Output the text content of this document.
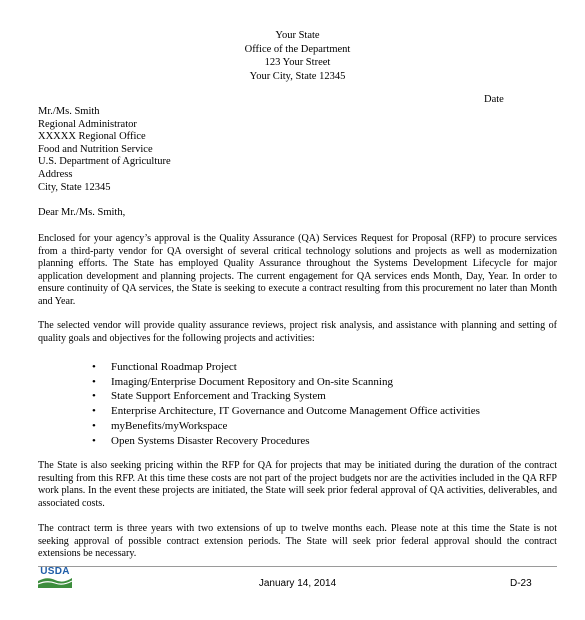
Your State
Office of the Department
123 Your Street
Your City, State 12345
Date
Mr./Ms. Smith
Regional Administrator
XXXXX Regional Office
Food and Nutrition Service
U.S. Department of Agriculture
Address
City, State 12345
Dear Mr./Ms. Smith,

Enclosed for your agency’s approval is the Quality Assurance (QA) Services Request for Proposal (RFP) to procure services from a third-party vendor for QA oversight of several critical technology solutions and projects as well as modernization planning efforts. The State has employed Quality Assurance throughout the Systems Development Lifecycle for major application development and planning projects. The current engagement for QA services ends Month, Day, Year. In order to ensure continuity of QA services, the State is seeking to execute a contract resulting from this procurement no later than Month and Year.

The selected vendor will provide quality assurance reviews, project risk analysis, and assistance with planning and setting of quality goals and objectives for the following projects and activities:

• Functional Roadmap Project
• Imaging/Enterprise Document Repository and On-site Scanning
• State Support Enforcement and Tracking System
• Enterprise Architecture, IT Governance and Outcome Management Office activities
• myBenefits/myWorkspace
• Open Systems Disaster Recovery Procedures

The State is also seeking pricing within the RFP for QA for projects that may be initiated during the duration of the contract resulting from this RFP. At this time these costs are not part of the project budgets nor are the activities included in the QA RFP work plans. In the event these projects are initiated, the State will seek prior federal approval of QA activities, deliverables, and associated costs.

The contract term is three years with two extensions of up to twelve months each. Please note at this time the State is not seeking approval of possible contract extension periods. The State will seek prior federal approval should the contract extensions be necessary.

USDA
January 14, 2014	D-23
